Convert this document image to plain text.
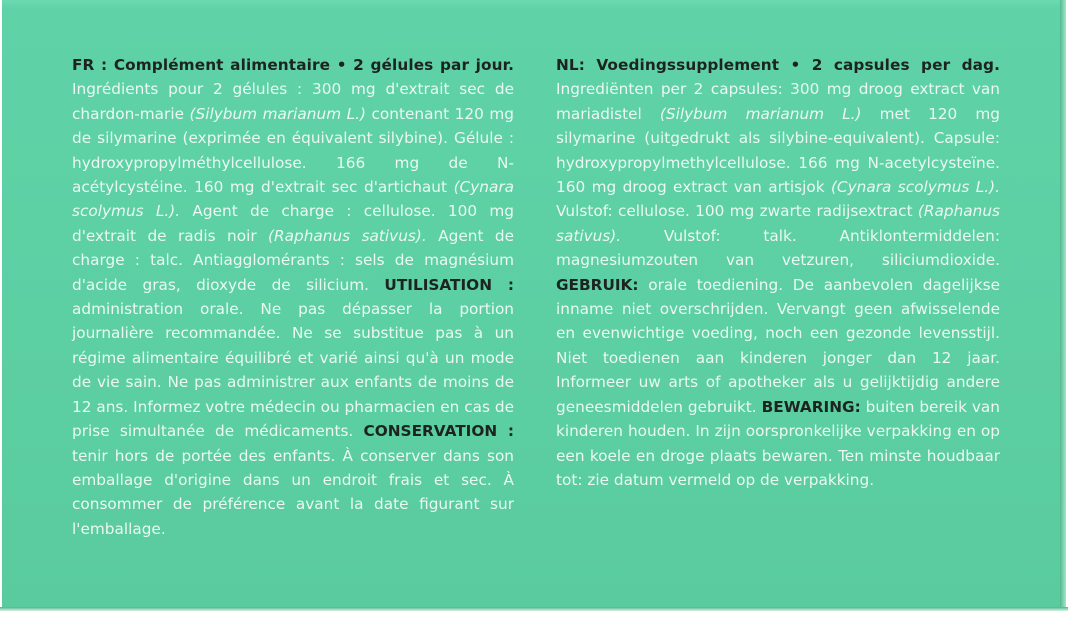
FR : Complément alimentaire • 2 gélules par jour.
Ingrédients pour 2 gélules : 300 mg d'extrait sec de chardon-marie (Silybum marianum L.) contenant 120 mg de silymarine (exprimée en équivalent silybine). Gélule : hydroxypropylméthylcellulose. 166 mg de N-acétylcystéine. 160 mg d'extrait sec d'artichaut (Cynara scolymus L.). Agent de charge : cellulose. 100 mg d'extrait de radis noir (Raphanus sativus). Agent de charge : talc. Antiagglomérants : sels de magnésium d'acide gras, dioxyde de silicium. UTILISATION : administration orale. Ne pas dépasser la portion journalière recommandée. Ne se substitue pas à un régime alimentaire équilibré et varié ainsi qu'à un mode de vie sain. Ne pas administrer aux enfants de moins de 12 ans. Informez votre médecin ou pharmacien en cas de prise simultanée de médicaments. CONSERVATION : tenir hors de portée des enfants. À conserver dans son emballage d'origine dans un endroit frais et sec. À consommer de préférence avant la date figurant sur l'emballage.
NL: Voedingssupplement • 2 capsules per dag.
Ingrediënten per 2 capsules: 300 mg droog extract van mariadistel (Silybum marianum L.) met 120 mg silymarine (uitgedrukt als silybine-equivalent). Capsule: hydroxypropylmethylcellulose. 166 mg N-acetylcysteïne. 160 mg droog extract van artisjok (Cynara scolymus L.). Vulstof: cellulose. 100 mg zwarte radijsextract (Raphanus sativus). Vulstof: talk. Antiklontermiddelen: magnesiumzouten van vetzuren, siliciumdioxide. GEBRUIK: orale toediening. De aanbevolen dagelijkse inname niet overschrijden. Vervangt geen afwisselende en evenwichtige voeding, noch een gezonde levensstijl. Niet toedienen aan kinderen jonger dan 12 jaar. Informeer uw arts of apotheker als u gelijktijdig andere geneesmiddelen gebruikt. BEWARING: buiten bereik van kinderen houden. In zijn oorspronkelijke verpakking en op een koele en droge plaats bewaren. Ten minste houdbaar tot: zie datum vermeld op de verpakking.
